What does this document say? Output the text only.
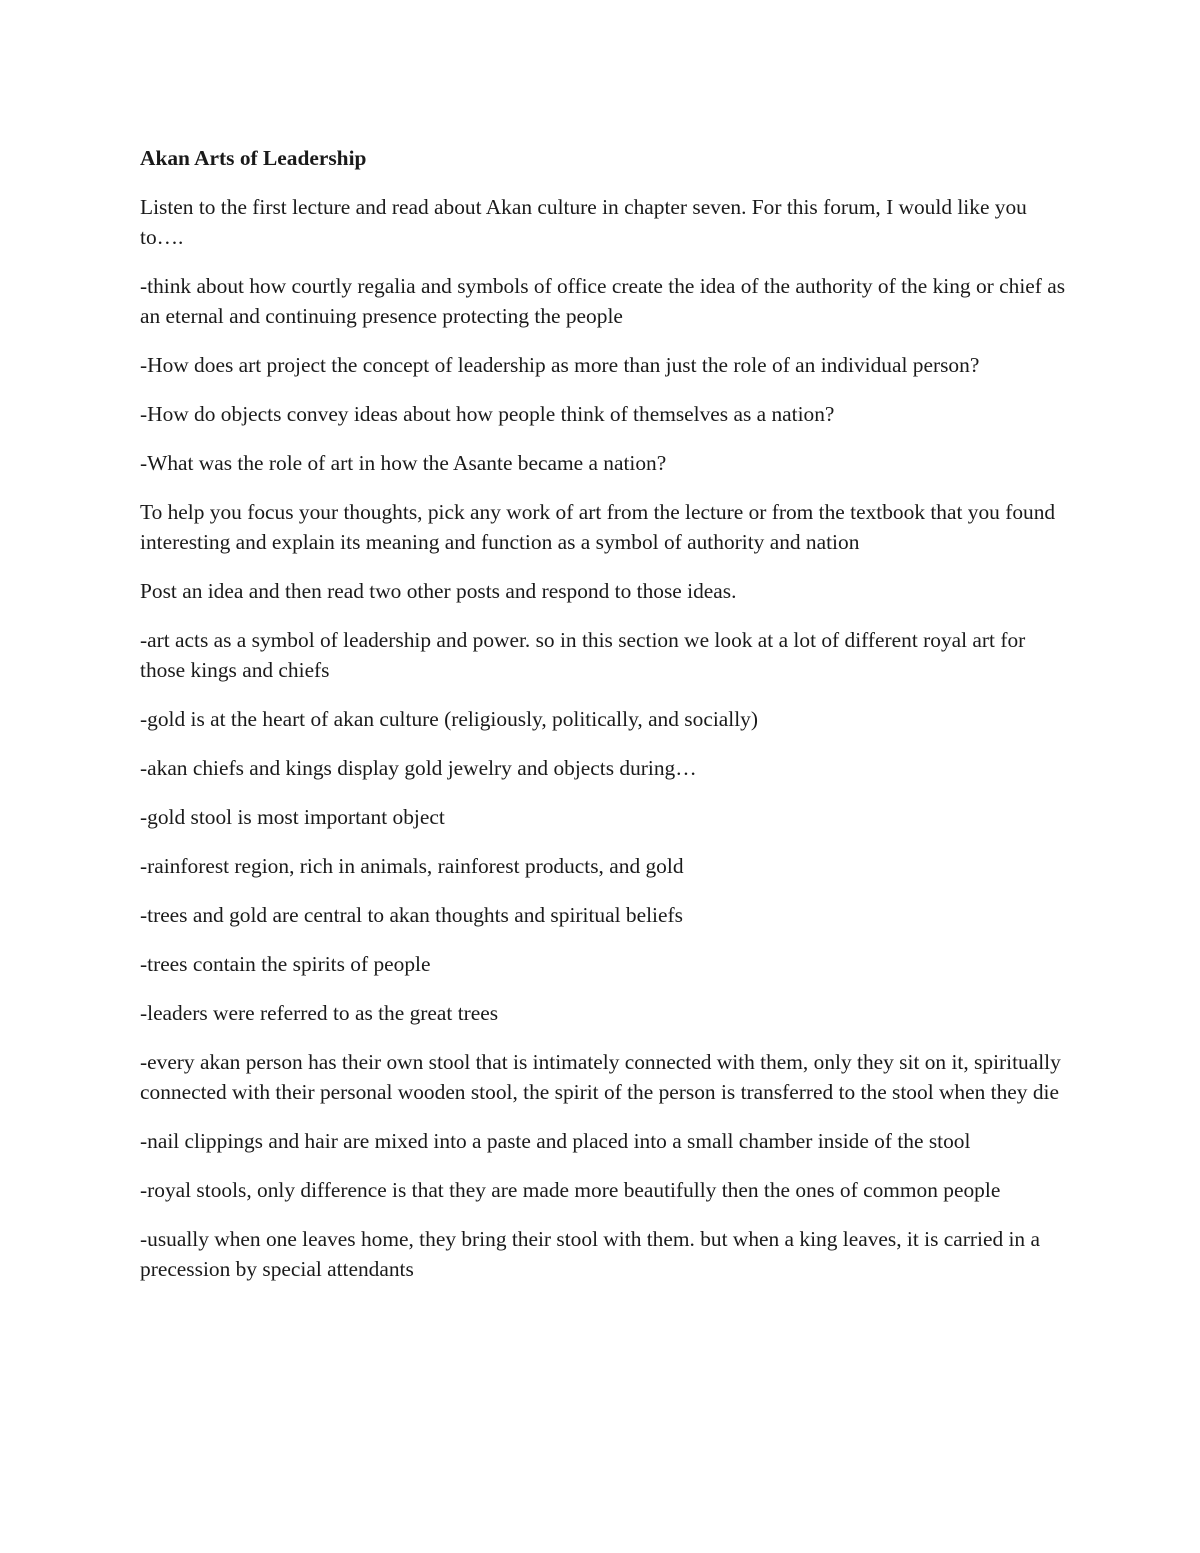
Akan Arts of Leadership

Listen to the first lecture and read about Akan culture in chapter seven. For this forum, I would like you to….

-think about how courtly regalia and symbols of office create the idea of the authority of the king or chief as an eternal and continuing presence protecting the people

-How does art project the concept of leadership as more than just the role of an individual person?

-How do objects convey ideas about how people think of themselves as a nation?

-What was the role of art in how the Asante became a nation?

To help you focus your thoughts, pick any work of art from the lecture or from the textbook that you found interesting and explain its meaning and function as a symbol of authority and nation

Post an idea and then read two other posts and respond to those ideas.

-art acts as a symbol of leadership and power. so in this section we look at a lot of different royal art for those kings and chiefs

-gold is at the heart of akan culture (religiously, politically, and socially)

-akan chiefs and kings display gold jewelry and objects during…

-gold stool is most important object

-rainforest region, rich in animals, rainforest products, and gold

-trees and gold are central to akan thoughts and spiritual beliefs

-trees contain the spirits of people

-leaders were referred to as the great trees

-every akan person has their own stool that is intimately connected with them, only they sit on it, spiritually connected with their personal wooden stool, the spirit of the person is transferred to the stool when they die

-nail clippings and hair are mixed into a paste and placed into a small chamber inside of the stool

-royal stools, only difference is that they are made more beautifully then the ones of common people

-usually when one leaves home, they bring their stool with them. but when a king leaves, it is carried in a precession by special attendants
